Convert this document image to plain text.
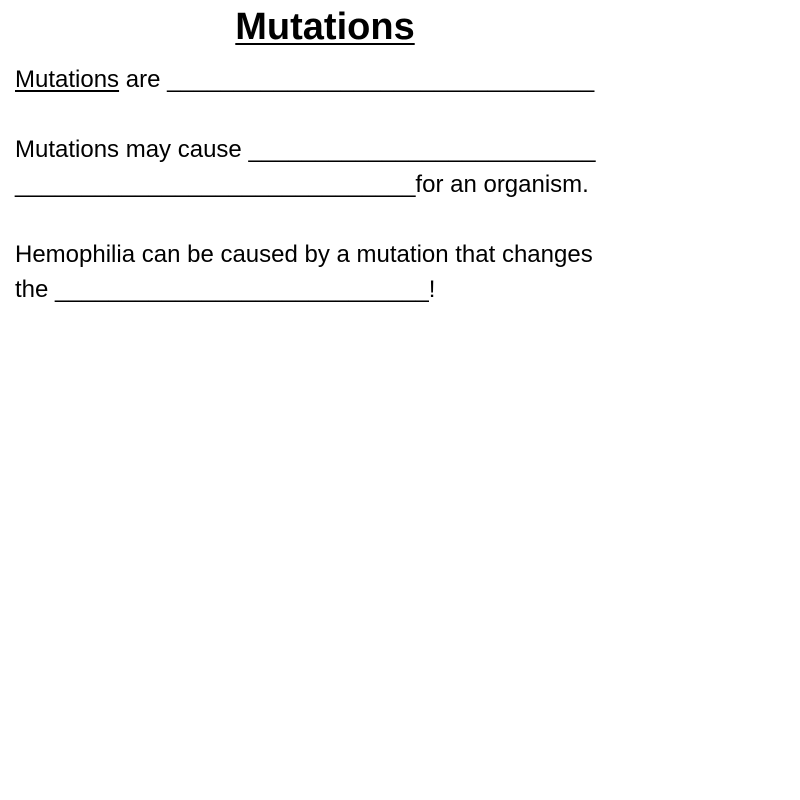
Mutations
Mutations are ________________________________
Mutations may cause __________________________
______________________________for an organism.
Hemophilia can be caused by a mutation that changes
the ____________________________!
